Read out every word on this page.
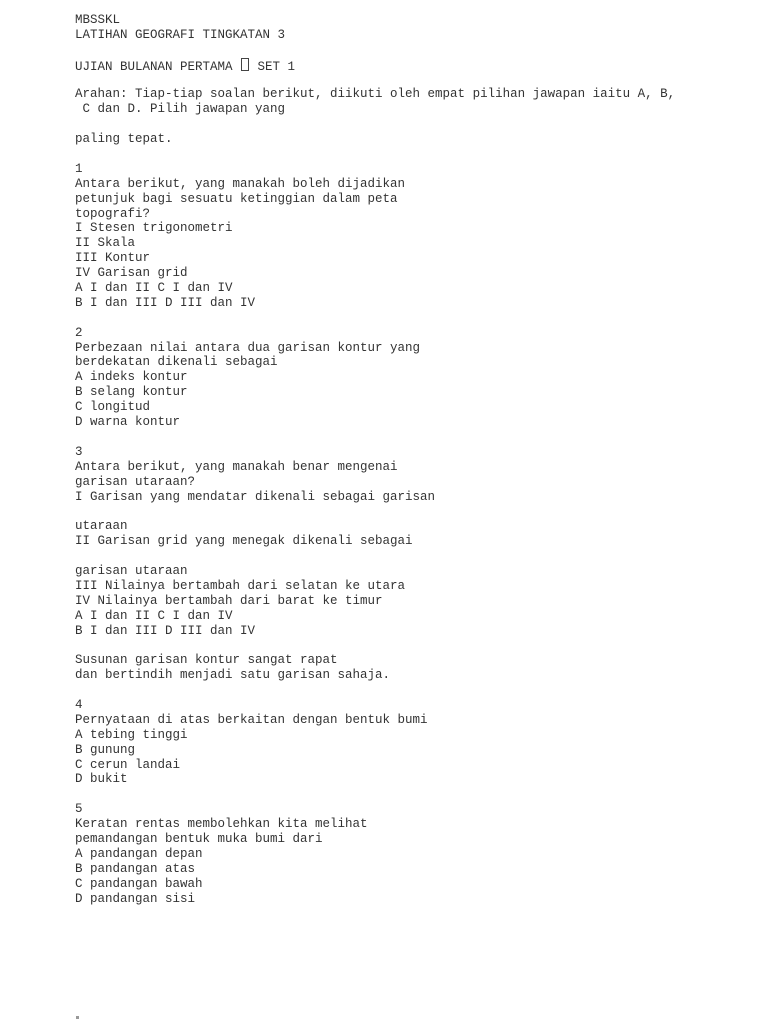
MBSSKL
LATIHAN GEOGRAFI TINGKATAN 3
UJIAN BULANAN PERTAMA  SET 1
Arahan: Tiap-tiap soalan berikut, diikuti oleh empat pilihan jawapan iaitu A, B,
C dan D. Pilih jawapan yang
paling tepat.
1
Antara berikut, yang manakah boleh dijadikan
petunjuk bagi sesuatu ketinggian dalam peta
topografi?
I Stesen trigonometri
II Skala
III Kontur
IV Garisan grid
A I dan II C I dan IV
B I dan III D III dan IV
2
Perbezaan nilai antara dua garisan kontur yang
berdekatan dikenali sebagai
A indeks kontur
B selang kontur
C longitud
D warna kontur
3
Antara berikut, yang manakah benar mengenai
garisan utaraan?
I Garisan yang mendatar dikenali sebagai garisan
utaraan
II Garisan grid yang menegak dikenali sebagai
garisan utaraan
III Nilainya bertambah dari selatan ke utara
IV Nilainya bertambah dari barat ke timur
A I dan II C I dan IV
B I dan III D III dan IV
Susunan garisan kontur sangat rapat
dan bertindih menjadi satu garisan sahaja.
4
Pernyataan di atas berkaitan dengan bentuk bumi
A tebing tinggi
B gunung
C cerun landai
D bukit
5
Keratan rentas membolehkan kita melihat
pemandangan bentuk muka bumi dari
A pandangan depan
B pandangan atas
C pandangan bawah
D pandangan sisi
